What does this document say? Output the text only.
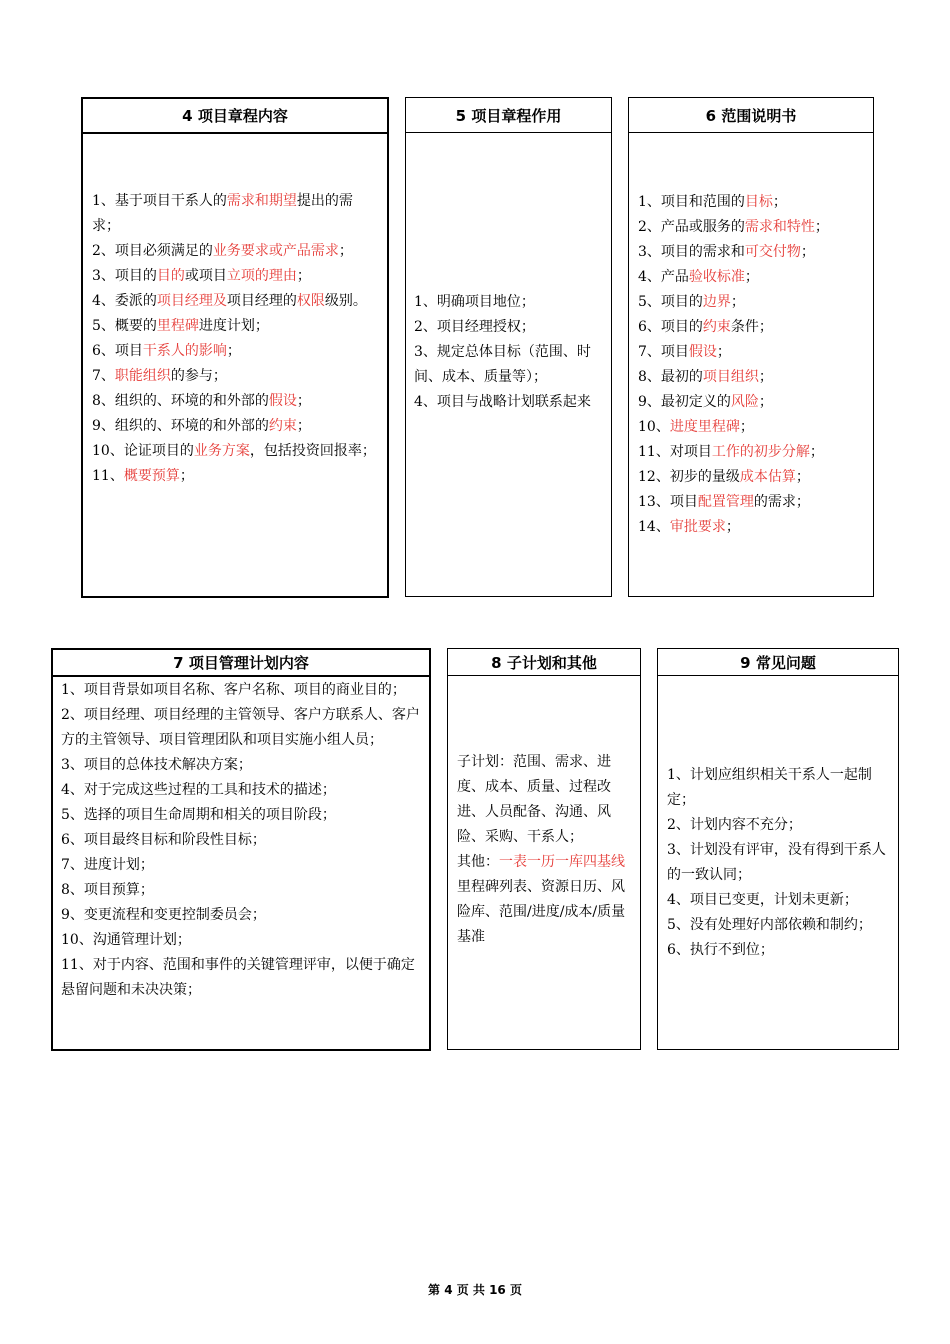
4 项目章程内容

1、基于项目干系人的需求和期望提出的需求；

2、项目必须满足的业务要求或产品需求；

3、项目的目的或项目立项的理由；

4、委派的项目经理及项目经理的权限级别。

5、概要的里程碑进度计划；

6、项目干系人的影响；

7、职能组织的参与；

8、组织的、环境的和外部的假设；

9、组织的、环境的和外部的约束；

10、论证项目的业务方案，包括投资回报率；

11、概要预算；

5 项目章程作用

1、明确项目地位；

2、项目经理授权；

3、规定总体目标（范围、时间、成本、质量等）；

4、项目与战略计划联系起来

6 范围说明书

1、项目和范围的目标；

2、产品或服务的需求和特性；

3、项目的需求和可交付物；

4、产品验收标准；

5、项目的边界；

6、项目的约束条件；

7、项目假设；

8、最初的项目组织；

9、最初定义的风险；

10、进度里程碑；

11、对项目工作的初步分解；

12、初步的量级成本估算；

13、项目配置管理的需求；

14、审批要求；

7 项目管理计划内容

1、项目背景如项目名称、客户名称、项目的商业目的；

2、项目经理、项目经理的主管领导、客户方联系人、客户方的主管领导、项目管理团队和项目实施小组人员；

3、项目的总体技术解决方案；

4、对于完成这些过程的工具和技术的描述；

5、选择的项目生命周期和相关的项目阶段；

6、项目最终目标和阶段性目标；

7、进度计划；

8、项目预算；

9、变更流程和变更控制委员会；

10、沟通管理计划；

11、对于内容、范围和事件的关键管理评审，以便于确定悬留问题和未决决策；

8 子计划和其他

子计划：范围、需求、进度、成本、质量、过程改进、人员配备、沟通、风险、采购、干系人；

其他：一表一历一库四基线

里程碑列表、资源日历、风险库、范围/进度/成本/质量基准

9 常见问题

1、计划应组织相关干系人一起制定；

2、计划内容不充分；

3、计划没有评审，没有得到干系人的一致认同；

4、项目已变更，计划未更新；

5、没有处理好内部依赖和制约；

6、执行不到位；

第 4 页 共 16 页
